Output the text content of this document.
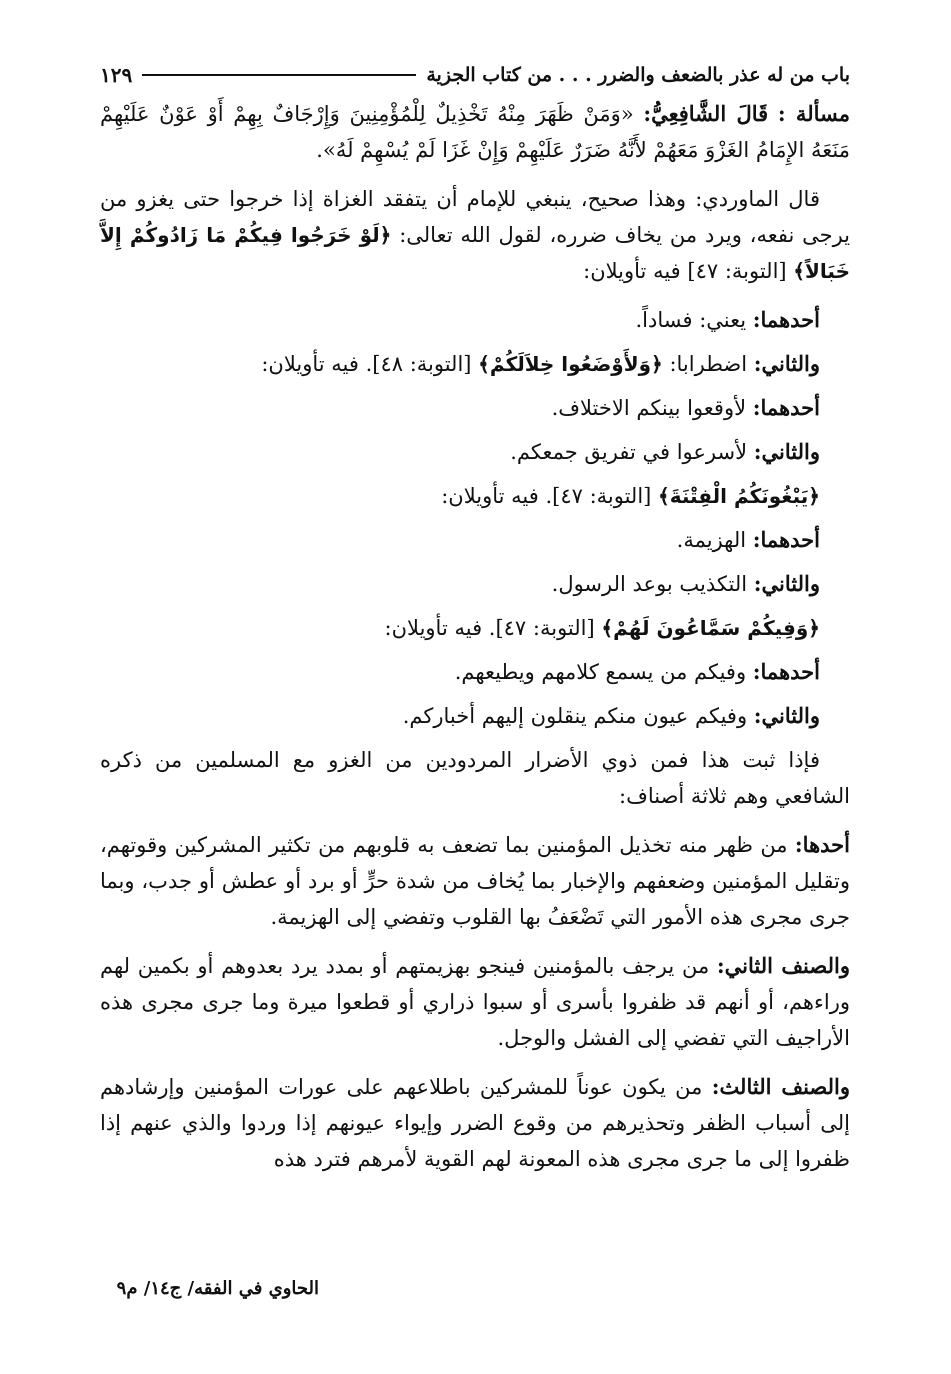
باب من له عذر بالضعف والضرر . . . من كتاب الجزية
١٢٩

مسألة : قَالَ الشَّافِعِيُّ: «وَمَنْ ظَهَرَ مِنْهُ تَخْذِيلٌ لِلْمُؤْمِنِينَ وَإِرْجَافٌ بِهِمْ أَوْ عَوْنٌ عَلَيْهِمْ مَنَعَهُ الإِمَامُ الغَزْوَ مَعَهُمْ لأَنَّهُ ضَرَرٌ عَلَيْهِمْ وَإِنْ غَزَا لَمْ يُسْهِمْ لَهُ».

قال الماوردي: وهذا صحيح، ينبغي للإمام أن يتفقد الغزاة إذا خرجوا حتى يغزو من يرجى نفعه، ويرد من يخاف ضرره، لقول الله تعالى: ﴿لَوْ خَرَجُوا فِيكُمْ مَا زَادُوكُمْ إِلاَّ خَبَالاً﴾ [التوبة: ٤٧] فيه تأويلان:

أحدهما: يعني: فساداً.

والثاني: اضطرابا: ﴿وَلأَوْضَعُوا خِلاَلَكُمْ﴾ [التوبة: ٤٨]. فيه تأويلان:

أحدهما: لأوقعوا بينكم الاختلاف.

والثاني: لأسرعوا في تفريق جمعكم.

﴿يَبْغُونَكُمُ الْفِتْنَةَ﴾ [التوبة: ٤٧]. فيه تأويلان:

أحدهما: الهزيمة.

والثاني: التكذيب بوعد الرسول.

﴿وَفِيكُمْ سَمَّاعُونَ لَهُمْ﴾ [التوبة: ٤٧]. فيه تأويلان:

أحدهما: وفيكم من يسمع كلامهم ويطيعهم.

والثاني: وفيكم عيون منكم ينقلون إليهم أخباركم.

فإذا ثبت هذا فمن ذوي الأضرار المردودين من الغزو مع المسلمين من ذكره الشافعي وهم ثلاثة أصناف:

أحدها: من ظهر منه تخذيل المؤمنين بما تضعف به قلوبهم من تكثير المشركين وقوتهم، وتقليل المؤمنين وضعفهم والإخبار بما يُخاف من شدة حرٍّ أو برد أو عطش أو جدب، وبما جرى مجرى هذه الأمور التي تَضْعَفُ بها القلوب وتفضي إلى الهزيمة.

والصنف الثاني: من يرجف بالمؤمنين فينجو بهزيمتهم أو بمدد يرد بعدوهم أو بكمين لهم وراءهم، أو أنهم قد ظفروا بأسرى أو سبوا ذراري أو قطعوا ميرة وما جرى مجرى هذه الأراجيف التي تفضي إلى الفشل والوجل.

والصنف الثالث: من يكون عوناً للمشركين باطلاعهم على عورات المؤمنين وإرشادهم إلى أسباب الظفر وتحذيرهم من وقوع الضرر وإيواء عيونهم إذا وردوا والذي عنهم إذا ظفروا إلى ما جرى مجرى هذه المعونة لهم القوية لأمرهم فترد هذه

الحاوي في الفقه/ ج١٤/ م٩
